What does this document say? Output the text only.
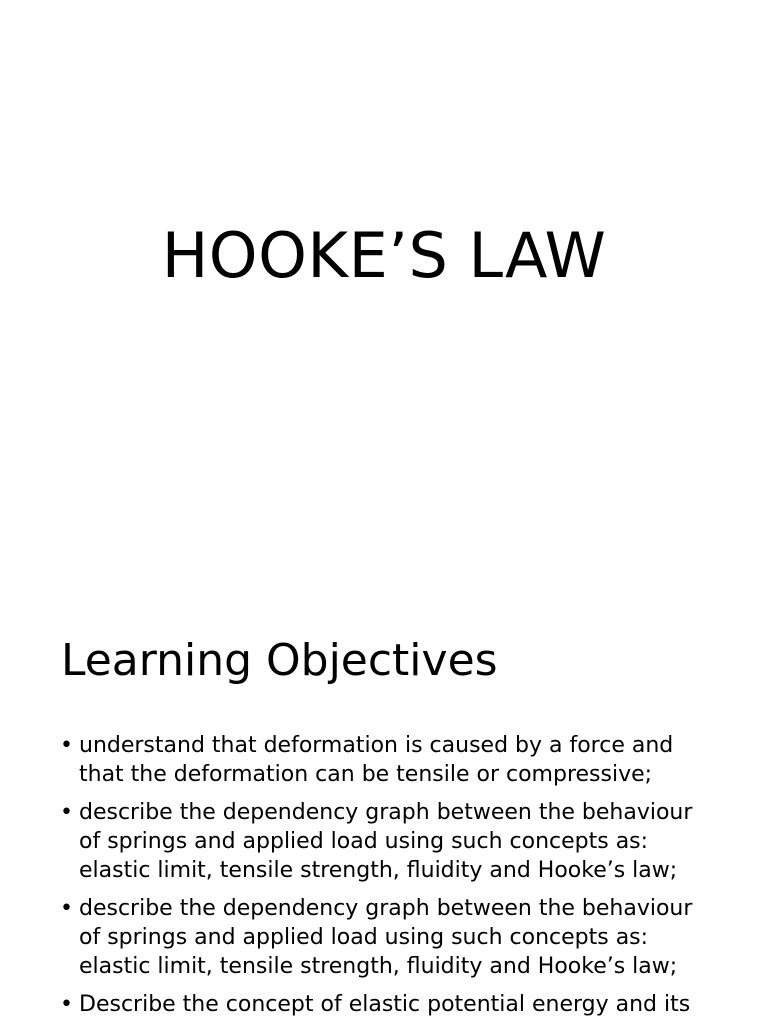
HOOKE’S LAW
Learning Objectives
• understand that deformation is caused by a force and that the deformation can be tensile or compressive;
• describe the dependency graph between the behaviour of springs and applied load using such concepts as: elastic limit, tensile strength, fluidity and Hooke’s law;
• describe the dependency graph between the behaviour of springs and applied load using such concepts as: elastic limit, tensile strength, fluidity and Hooke’s law;
• Describe the concept of elastic potential energy and its
